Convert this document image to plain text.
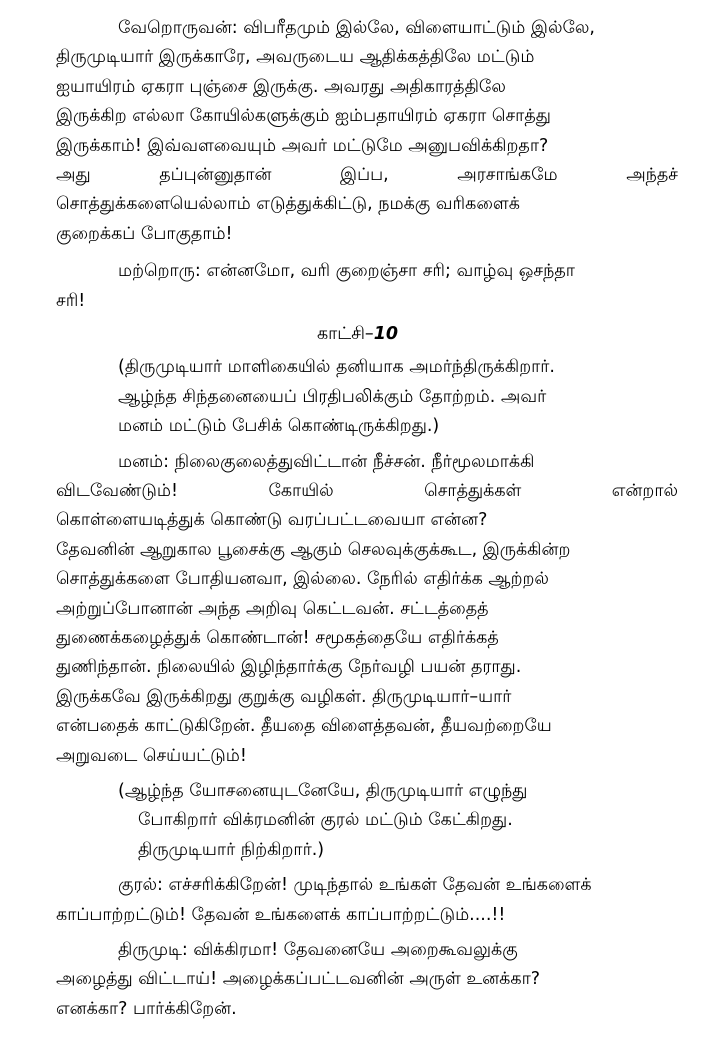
வேறொருவன்: விபரீதமும் இல்லே, விளையாட்டும் இல்லே,
திருமுடியார் இருக்காரே, அவருடைய ஆதிக்கத்திலே மட்டும்
ஐயாயிரம் ஏகரா புஞ்சை இருக்கு. அவரது அதிகாரத்திலே
இருக்கிற எல்லா கோயில்களுக்கும் ஐம்பதாயிரம் ஏகரா சொத்து
இருக்காம்! இவ்வளவையும் அவர் மட்டுமே அனுபவிக்கிறதா?
அது	தப்புன்னுதான்	இப்ப,	அரசாங்கமே	அந்தச்
சொத்துக்களையெல்லாம் எடுத்துக்கிட்டு, நமக்கு வரிகளைக்
குறைக்கப் போகுதாம்!
மற்றொரு: என்னமோ, வரி குறைஞ்சா சரி; வாழ்வு ஒசந்தா
சரி!
காட்சி–10
(திருமுடியார் மாளிகையில் தனியாக அமர்ந்திருக்கிறார்.
ஆழ்ந்த சிந்தனையைப் பிரதிபலிக்கும் தோற்றம். அவர்
மனம் மட்டும் பேசிக் கொண்டிருக்கிறது.)
மனம்: நிலைகுலைத்துவிட்டான் நீச்சன். நீர்மூலமாக்கி
விடவேண்டும்!	கோயில்	சொத்துக்கள்	என்றால்
கொள்ளையடித்துக் கொண்டு வரப்பட்டவையா என்ன?
தேவனின் ஆறுகால பூசைக்கு ஆகும் செலவுக்குக்கூட, இருக்கின்ற
சொத்துக்களை போதியனவா, இல்லை. நேரில் எதிர்க்க ஆற்றல்
அற்றுப்போனான் அந்த அறிவு கெட்டவன். சட்டத்தைத்
துணைக்கழைத்துக் கொண்டான்! சமூகத்தையே எதிர்க்கத்
துணிந்தான். நிலையில் இழிந்தார்க்கு நேர்வழி பயன் தராது.
இருக்கவே இருக்கிறது குறுக்கு வழிகள். திருமுடியார்–யார்
என்பதைக் காட்டுகிறேன். தீயதை விளைத்தவன், தீயவற்றையே
அறுவடை செய்யட்டும்!
(ஆழ்ந்த யோசனையுடனேயே, திருமுடியார் எழுந்து
போகிறார் விக்ரமனின் குரல் மட்டும் கேட்கிறது.
திருமுடியார் நிற்கிறார்.)
குரல்: எச்சரிக்கிறேன்! முடிந்தால் உங்கள் தேவன் உங்களைக்
காப்பாற்றட்டும்! தேவன் உங்களைக் காப்பாற்றட்டும்....!!
திருமுடி: விக்கிரமா! தேவனையே அறைகூவலுக்கு
அழைத்து விட்டாய்! அழைக்கப்பட்டவனின் அருள் உனக்கா?
எனக்கா? பார்க்கிறேன்.
